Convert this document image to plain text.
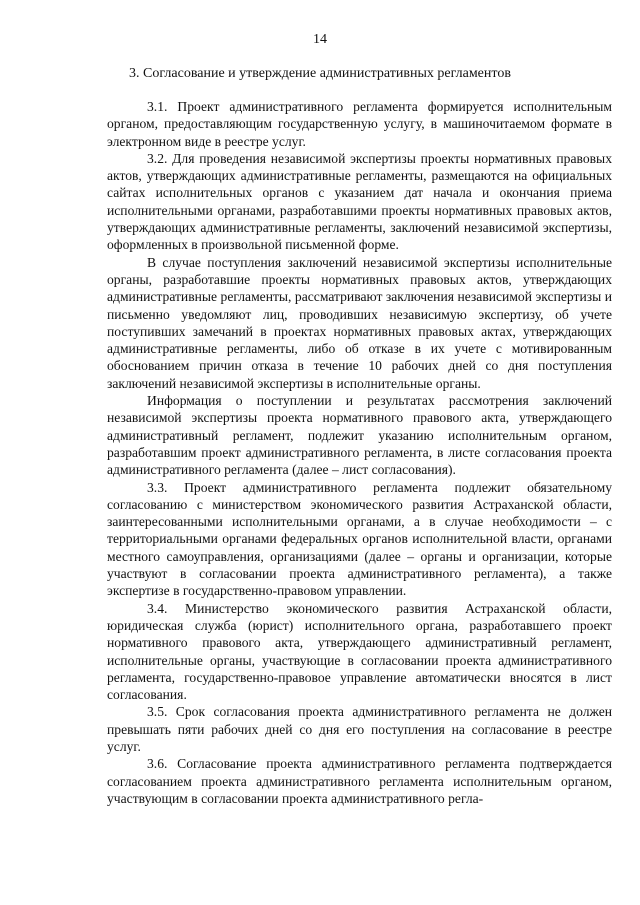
14
3. Согласование и утверждение административных регламентов

3.1. Проект административного регламента формируется исполнительным органом, предоставляющим государственную услугу, в машиночитаемом формате в электронном виде в реестре услуг.

3.2. Для проведения независимой экспертизы проекты нормативных правовых актов, утверждающих административные регламенты, размещаются на официальных сайтах исполнительных органов с указанием дат начала и окончания приема исполнительными органами, разработавшими проекты нормативных правовых актов, утверждающих административные регламенты, заключений независимой экспертизы, оформленных в произвольной письменной форме.

В случае поступления заключений независимой экспертизы исполнительные органы, разработавшие проекты нормативных правовых актов, утверждающих административные регламенты, рассматривают заключения независимой экспертизы и письменно уведомляют лиц, проводивших независимую экспертизу, об учете поступивших замечаний в проектах нормативных правовых актах, утверждающих административные регламенты, либо об отказе в их учете с мотивированным обоснованием причин отказа в течение 10 рабочих дней со дня поступления заключений независимой экспертизы в исполнительные органы.

Информация о поступлении и результатах рассмотрения заключений независимой экспертизы проекта нормативного правового акта, утверждающего административный регламент, подлежит указанию исполнительным органом, разработавшим проект административного регламента, в листе согласования проекта административного регламента (далее – лист согласования).

3.3. Проект административного регламента подлежит обязательному согласованию с министерством экономического развития Астраханской области, заинтересованными исполнительными органами, а в случае необходимости – с территориальными органами федеральных органов исполнительной власти, органами местного самоуправления, организациями (далее – органы и организации, которые участвуют в согласовании проекта административного регламента), а также экспертизе в государственно-правовом управлении.

3.4. Министерство экономического развития Астраханской области, юридическая служба (юрист) исполнительного органа, разработавшего проект нормативного правового акта, утверждающего административный регламент, исполнительные органы, участвующие в согласовании проекта административного регламента, государственно-правовое управление автоматически вносятся в лист согласования.

3.5. Срок согласования проекта административного регламента не должен превышать пяти рабочих дней со дня его поступления на согласование в реестре услуг.

3.6. Согласование проекта административного регламента подтверждается согласованием проекта административного регламента исполнительным органом, участвующим в согласовании проекта административного регла-
